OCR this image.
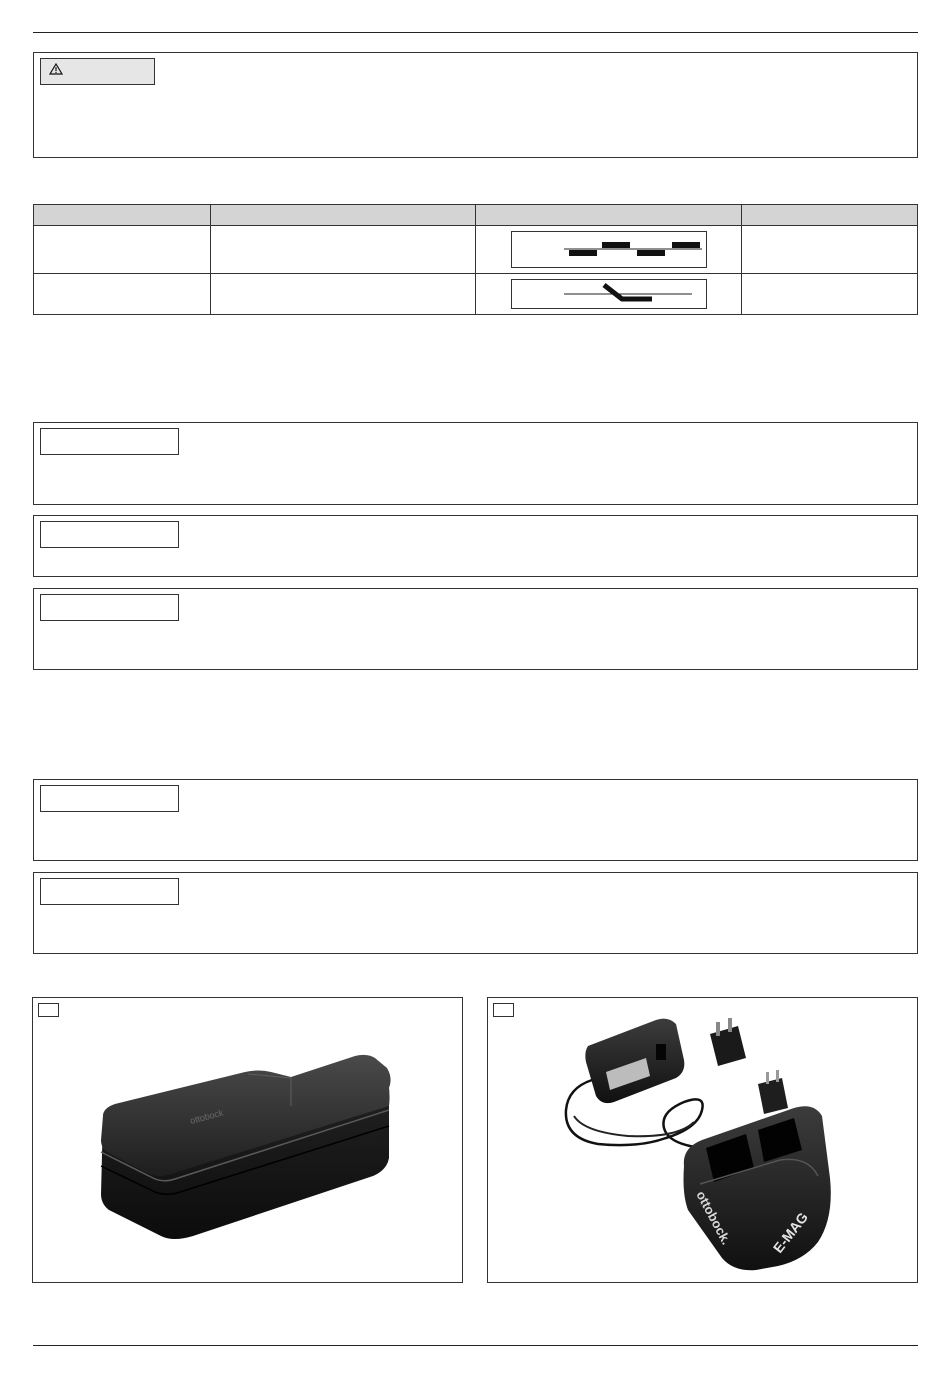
ottobock
ottobock.	E-MAG
